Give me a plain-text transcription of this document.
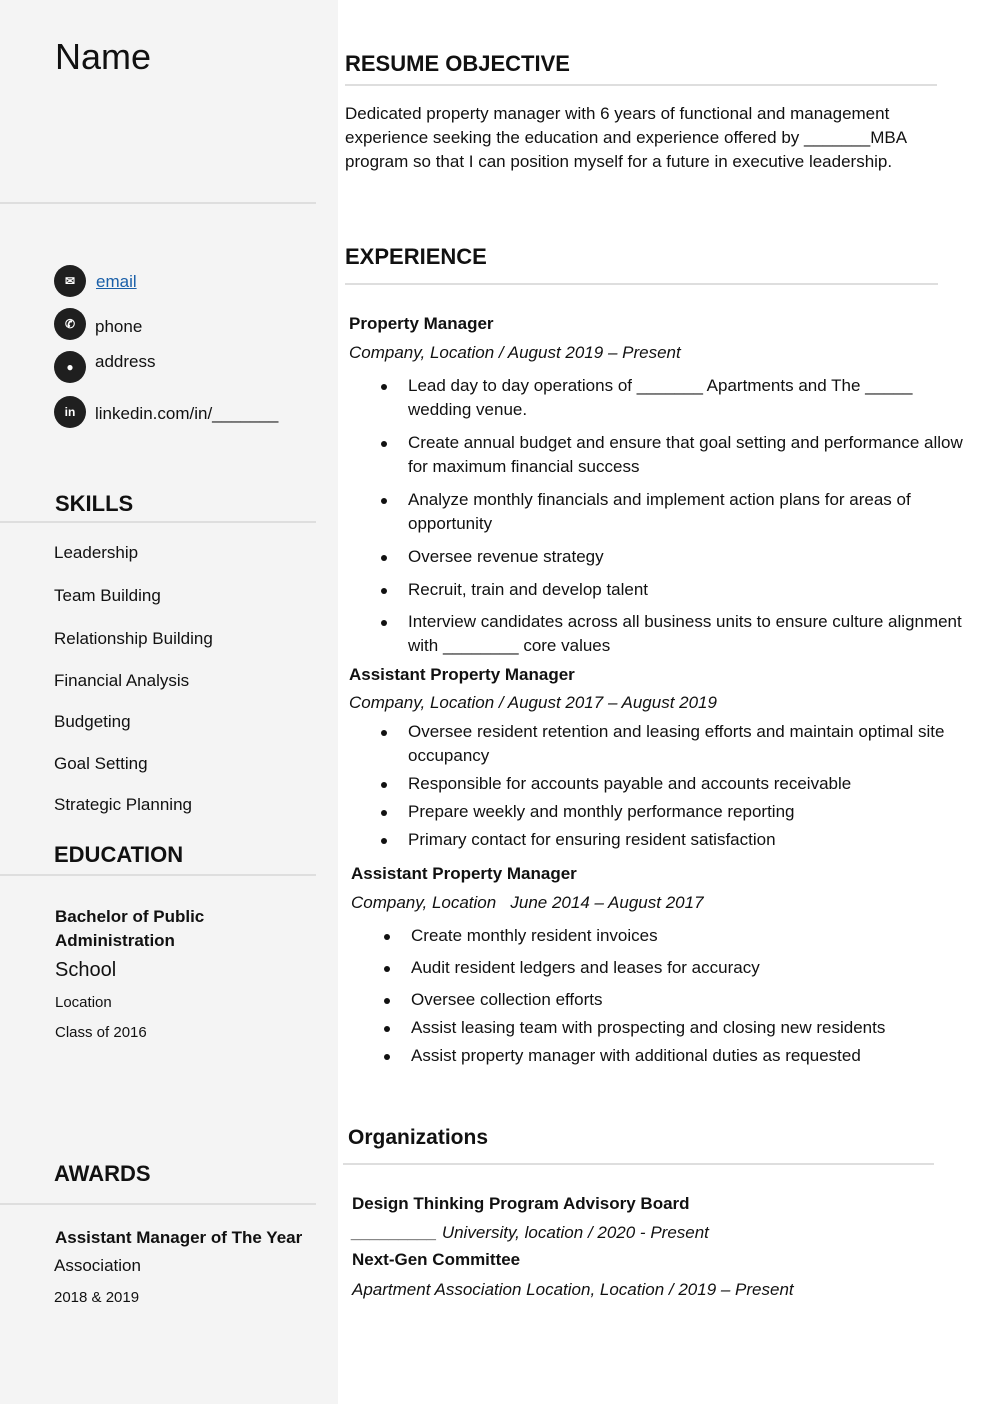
Name
✉	email
✆	phone
●	address
in	linkedin.com/in/_______
SKILLS
Leadership
Team Building
Relationship Building
Financial Analysis
Budgeting
Goal Setting
Strategic Planning
EDUCATION
Bachelor of Public
Administration
School
Location
Class of 2016
AWARDS
Assistant Manager of The Year
Association
2018 & 2019
RESUME OBJECTIVE
Dedicated property manager with 6 years of functional and management
experience seeking the education and experience offered by _______MBA
program so that I can position myself for a future in executive leadership.
EXPERIENCE
Property Manager
Company, Location / August 2019 – Present
Lead day to day operations of _______ Apartments and The _____ wedding venue.
Create annual budget and ensure that goal setting and performance allow for maximum financial success
Analyze monthly financials and implement action plans for areas of opportunity
Oversee revenue strategy
Recruit, train and develop talent
Interview candidates across all business units to ensure culture alignment with ________ core values
Assistant Property Manager
Company, Location / August 2017 – August 2019
Oversee resident retention and leasing efforts and maintain optimal site occupancy
Responsible for accounts payable and accounts receivable
Prepare weekly and monthly performance reporting
Primary contact for ensuring resident satisfaction
Assistant Property Manager
Company, Location   June 2014 – August 2017
Create monthly resident invoices
Audit resident ledgers and leases for accuracy
Oversee collection efforts
Assist leasing team with prospecting and closing new residents
Assist property manager with additional duties as requested
Organizations
Design Thinking Program Advisory Board
_________ University, location / 2020 - Present
Next-Gen Committee
Apartment Association Location, Location / 2019 – Present
